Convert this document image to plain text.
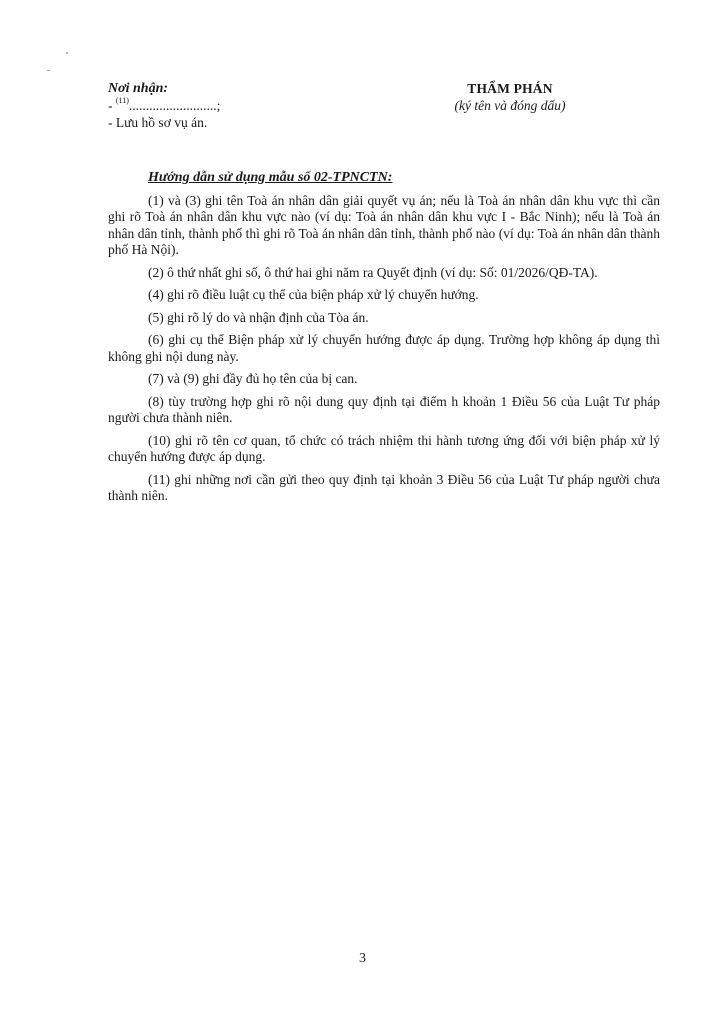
Nơi nhận:
- $^{(11)}$..........................;
- Lưu hồ sơ vụ án.
THẨM PHÁN
(ký tên và đóng dấu)
Hướng dẫn sử dụng mẫu số 02-TPNCTN:

(1) và (3) ghi tên Toà án nhân dân giải quyết vụ án; nếu là Toà án nhân dân khu vực thì cần ghi rõ Toà án nhân dân khu vực nào (ví dụ: Toà án nhân dân khu vực I - Bắc Ninh); nếu là Toà án nhân dân tỉnh, thành phố thì ghi rõ Toà án nhân dân tỉnh, thành phố nào (ví dụ: Toà án nhân dân thành phố Hà Nội).

(2) ô thứ nhất ghi số, ô thứ hai ghi năm ra Quyết định (ví dụ: Số: 01/2026/QĐ-TA).

(4) ghi rõ điều luật cụ thể của biện pháp xử lý chuyển hướng.

(5) ghi rõ lý do và nhận định của Tòa án.

(6) ghi cụ thể Biện pháp xử lý chuyển hướng được áp dụng. Trường hợp không áp dụng thì không ghi nội dung này.

(7) và (9) ghi đầy đủ họ tên của bị can.

(8) tùy trường hợp ghi rõ nội dung quy định tại điểm h khoản 1 Điều 56 của Luật Tư pháp người chưa thành niên.

(10) ghi rõ tên cơ quan, tổ chức có trách nhiệm thi hành tương ứng đối với biện pháp xử lý chuyển hướng được áp dụng.

(11) ghi những nơi cần gửi theo quy định tại khoản 3 Điều 56 của Luật Tư pháp người chưa thành niên.

3
